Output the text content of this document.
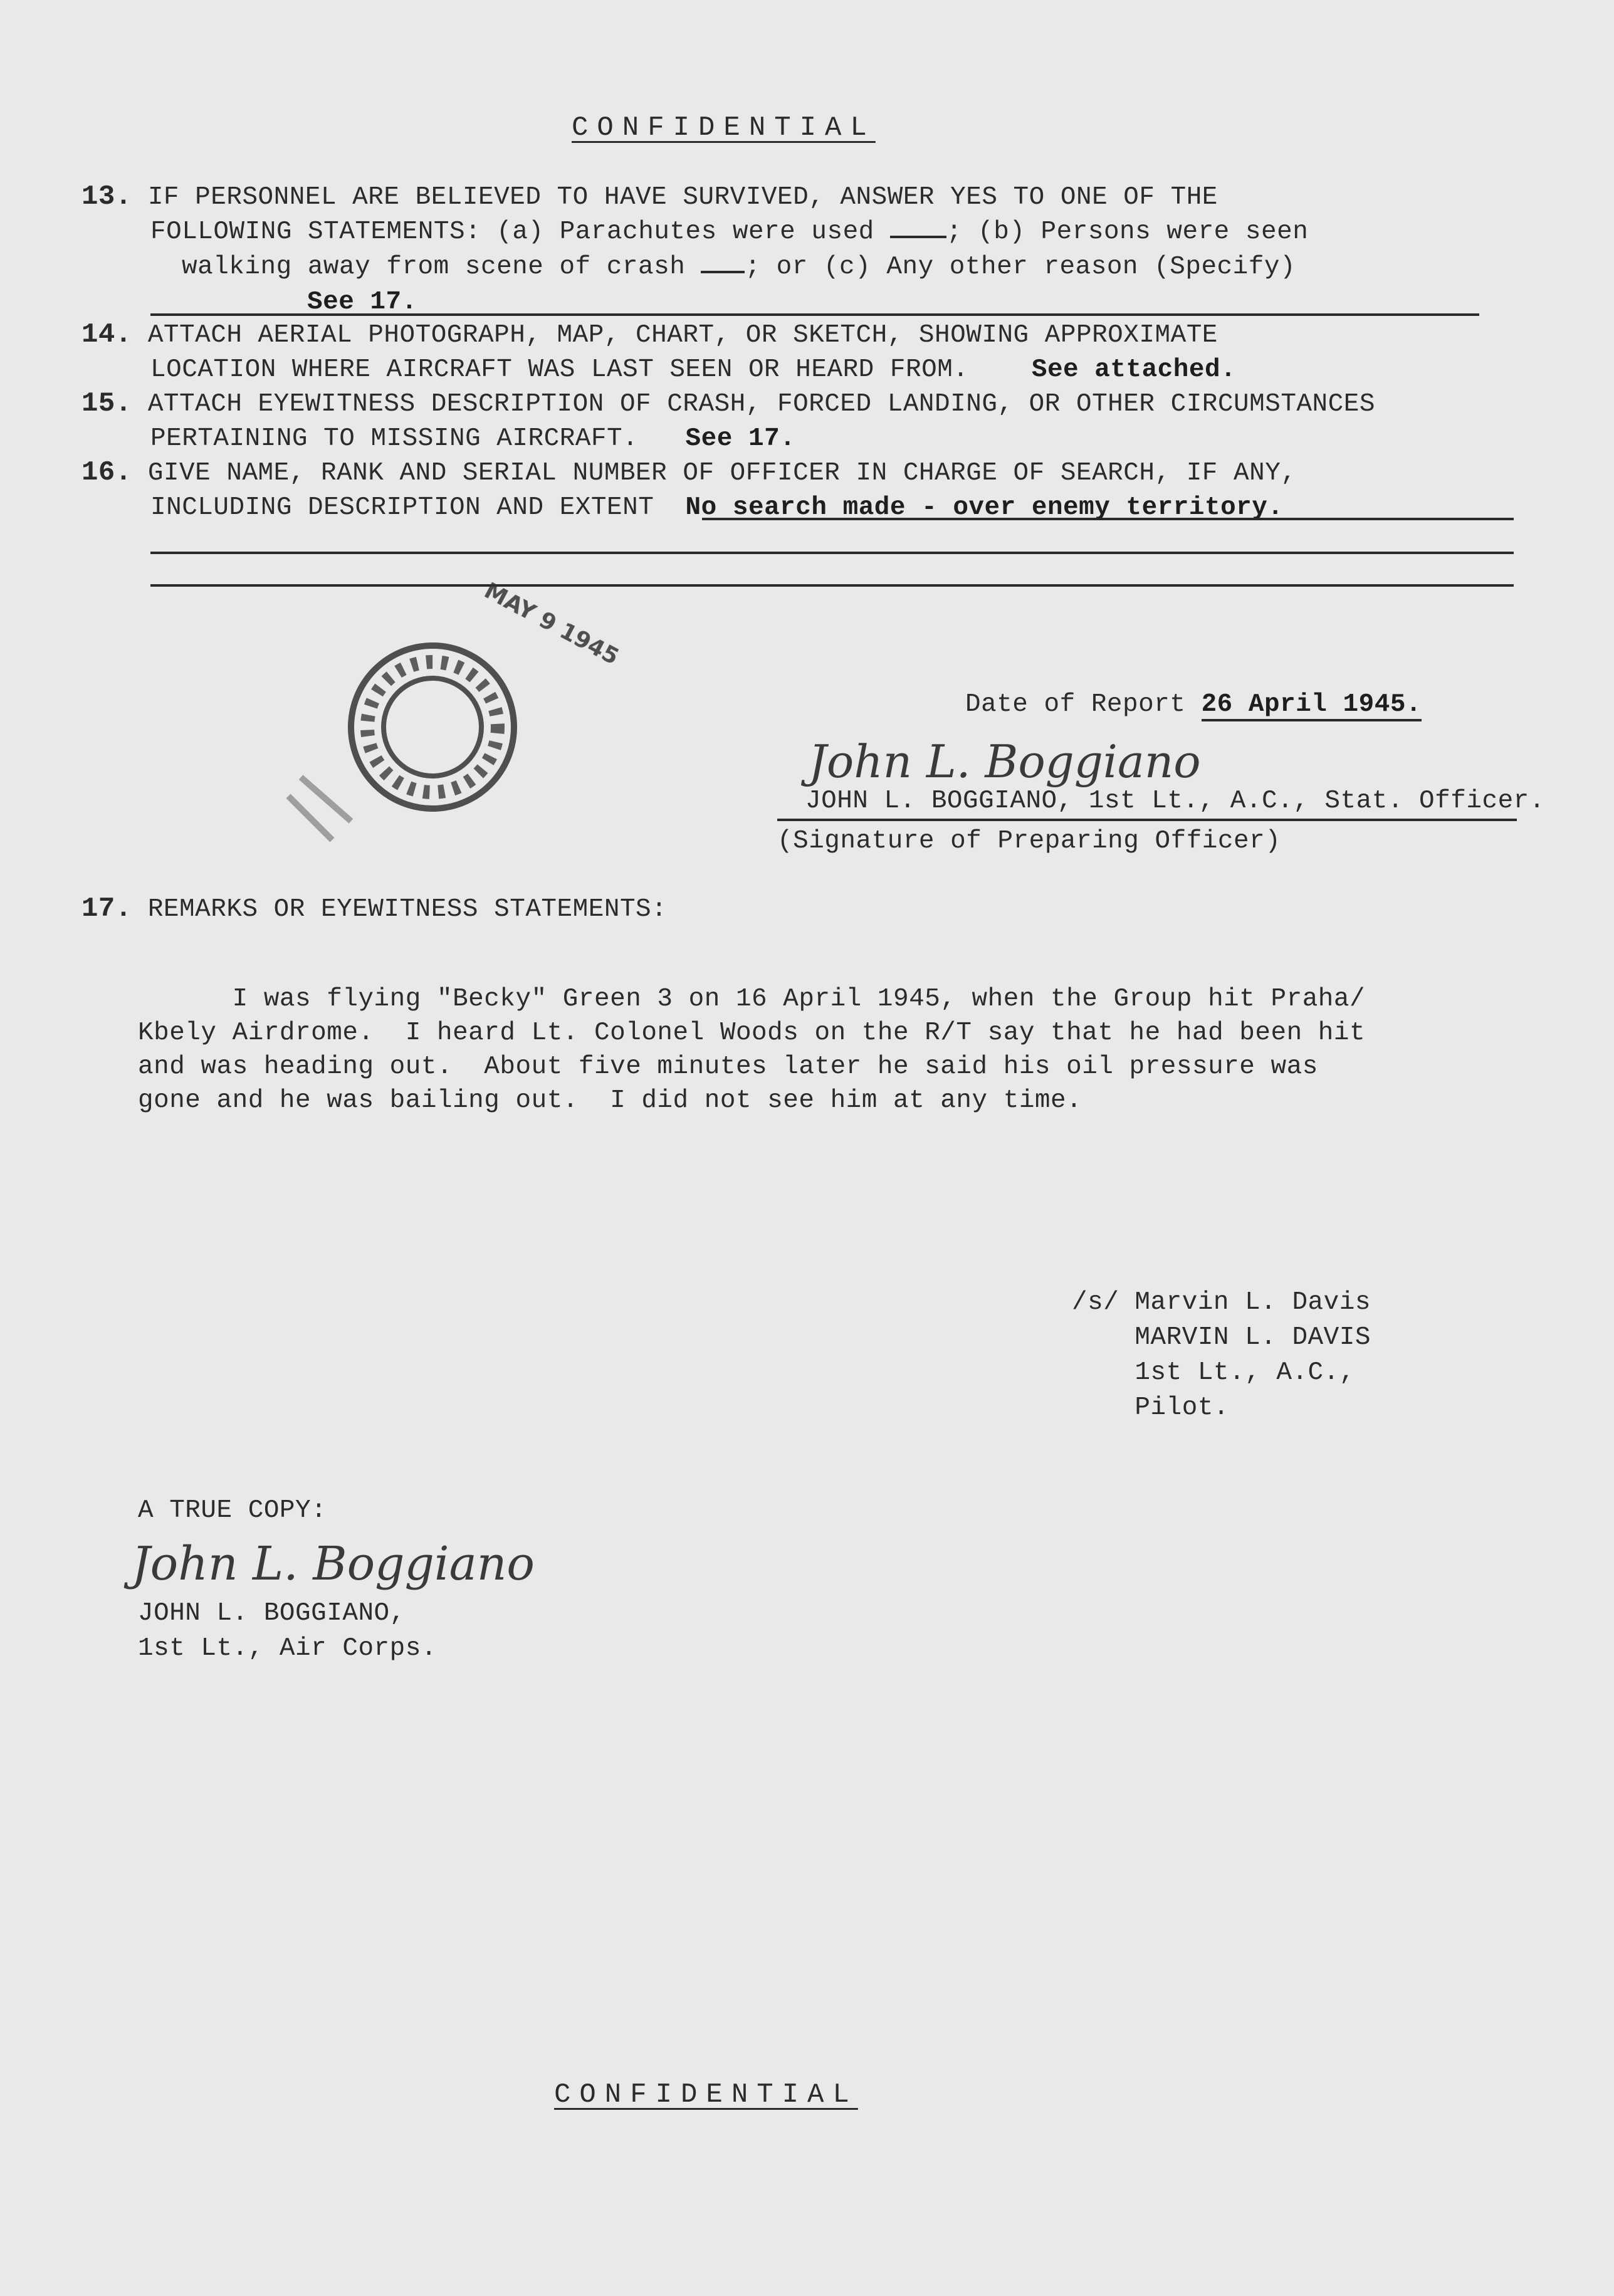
CONFIDENTIAL
13. IF PERSONNEL ARE BELIEVED TO HAVE SURVIVED, ANSWER YES TO ONE OF THE
FOLLOWING STATEMENTS: (a) Parachutes were used	; (b) Persons were seen
walking away from scene of crash ; or (c) Any other reason (Specify)
See 17.
14. ATTACH AERIAL PHOTOGRAPH, MAP, CHART, OR SKETCH, SHOWING APPROXIMATE
LOCATION WHERE AIRCRAFT WAS LAST SEEN OR HEARD FROM. See attached.
15. ATTACH EYEWITNESS DESCRIPTION OF CRASH, FORCED LANDING, OR OTHER CIRCUMSTANCES
PERTAINING TO MISSING AIRCRAFT. See 17.
16. GIVE NAME, RANK AND SERIAL NUMBER OF OFFICER IN CHARGE OF SEARCH, IF ANY,
INCLUDING DESCRIPTION AND EXTENT No search made - over enemy territory.
MAY 9 1945
Date of Report 26 April 1945.
John L. Boggiano
JOHN L. BOGGIANO, 1st Lt., A.C., Stat. Officer.
(Signature of Preparing Officer)
17. REMARKS OR EYEWITNESS STATEMENTS:
I was flying "Becky" Green 3 on 16 April 1945, when the Group hit Praha/
Kbely Airdrome.  I heard Lt. Colonel Woods on the R/T say that he had been hit
and was heading out.  About five minutes later he said his oil pressure was
gone and he was bailing out.  I did not see him at any time.
/s/ Marvin L. Davis
MARVIN L. DAVIS
1st Lt., A.C.,
Pilot.
A TRUE COPY:
John L. Boggiano
JOHN L. BOGGIANO,
1st Lt., Air Corps.
CONFIDENTIAL
